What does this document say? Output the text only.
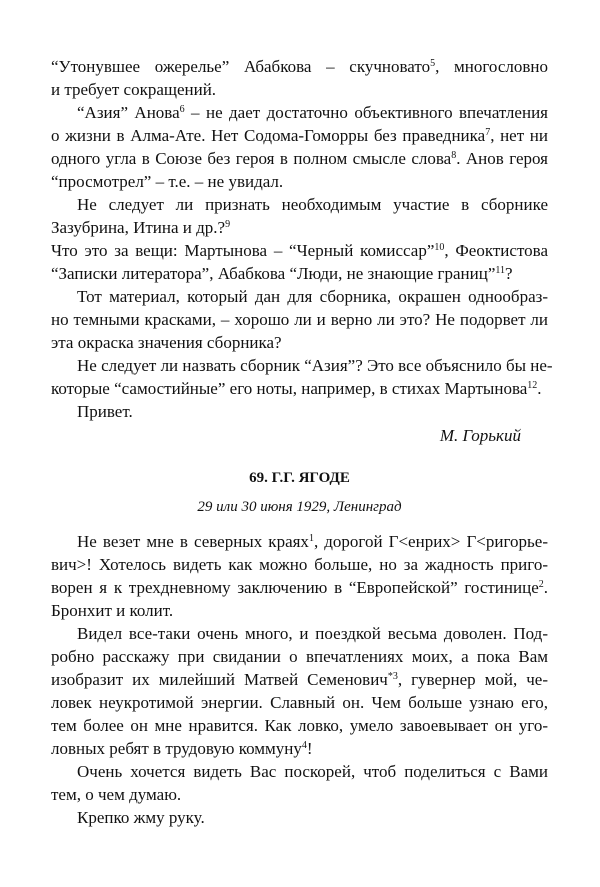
“Утонувшее ожерелье” Абабкова – скучновато$^5$, многословно
и требует сокращений.
“Азия” Анова$^6$ – не дает достаточно объективного впечатления
о жизни в Алма-Ате. Нет Содома-Гоморры без праведника$^7$, нет ни
одного угла в Союзе без героя в полном смысле слова$^8$. Анов героя
“просмотрел” – т.е. – не увидал.
Не следует ли признать необходимым участие в сборнике
Зазубрина, Итина и др.?$^9$
Что это за вещи: Мартынова – “Черный комиссар”$^{10}$, Феоктистова
“Записки литератора”, Абабкова “Люди, не знающие границ”$^{11}$?
Тот материал, который дан для сборника, окрашен однообраз-
но темными красками, – хорошо ли и верно ли это? Не подорвет ли
эта окраска значения сборника?
Не следует ли назвать сборник “Азия”? Это все объяснило бы не-
которые “самостийные” его ноты, например, в стихах Мартынова$^{12}$.
Привет.
М. Горький
69. Г.Г. ЯГОДЕ
29 или 30 июня 1929, Ленинград
Не везет мне в северных краях$^1$, дорогой Г<енрих> Г<ригорье-
вич>! Хотелось видеть как можно больше, но за жадность приго-
ворен я к трехдневному заключению в “Европейской” гостинице$^2$.
Бронхит и колит.
Видел все-таки очень много, и поездкой весьма доволен. Под-
робно расскажу при свидании о впечатлениях моих, а пока Вам
изобразит их милейший Матвей Семенович$^{*3}$, гувернер мой, че-
ловек неукротимой энергии. Славный он. Чем больше узнаю его,
тем более он мне нравится. Как ловко, умело завоевывает он уго-
ловных ребят в трудовую коммуну$^4$!
Очень хочется видеть Вас поскорей, чтоб поделиться с Вами
тем, о чем думаю.
Крепко жму руку.
